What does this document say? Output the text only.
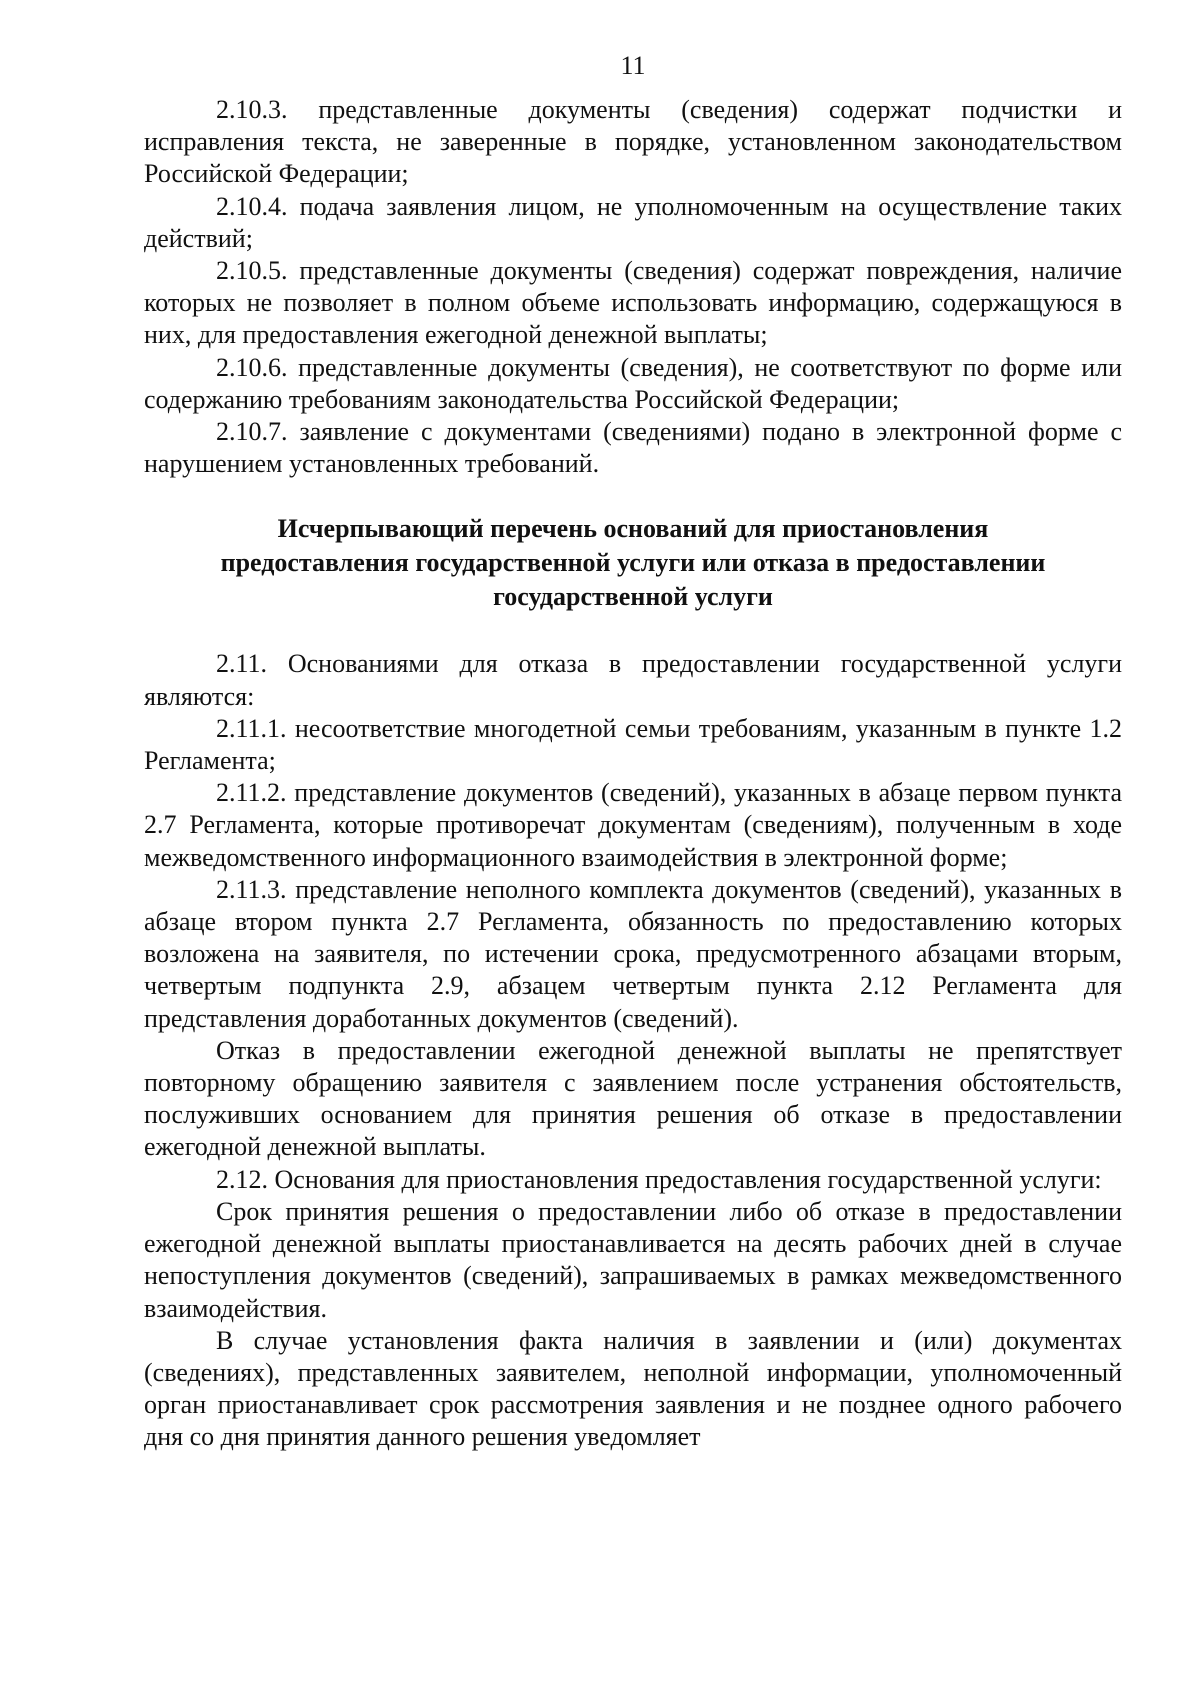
11

2.10.3. представленные документы (сведения) содержат подчистки и исправления текста, не заверенные в порядке, установленном законодательством Российской Федерации;

2.10.4. подача заявления лицом, не уполномоченным на осуществление таких действий;

2.10.5. представленные документы (сведения) содержат повреждения, наличие которых не позволяет в полном объеме использовать информацию, содержащуюся в них, для предоставления ежегодной денежной выплаты;

2.10.6. представленные документы (сведения), не соответствуют по форме или содержанию требованиям законодательства Российской Федерации;

2.10.7. заявление с документами (сведениями) подано в электронной форме с нарушением установленных требований.

Исчерпывающий перечень оснований для приостановления
предоставления государственной услуги или отказа в предоставлении
государственной услуги

2.11. Основаниями для отказа в предоставлении государственной услуги являются:

2.11.1. несоответствие многодетной семьи требованиям, указанным в пункте 1.2 Регламента;

2.11.2. представление документов (сведений), указанных в абзаце первом пункта 2.7 Регламента, которые противоречат документам (сведениям), полученным в ходе межведомственного информационного взаимодействия в электронной форме;

2.11.3. представление неполного комплекта документов (сведений), указанных в абзаце втором пункта 2.7 Регламента, обязанность по предоставлению которых возложена на заявителя, по истечении срока, предусмотренного абзацами вторым, четвертым подпункта 2.9, абзацем четвертым пункта 2.12 Регламента для представления доработанных документов (сведений).

Отказ в предоставлении ежегодной денежной выплаты не препятствует повторному обращению заявителя с заявлением после устранения обстоятельств, послуживших основанием для принятия решения об отказе в предоставлении ежегодной денежной выплаты.

2.12. Основания для приостановления предоставления государственной услуги:

Срок принятия решения о предоставлении либо об отказе в предоставлении ежегодной денежной выплаты приостанавливается на десять рабочих дней в случае непоступления документов (сведений), запрашиваемых в рамках межведомственного взаимодействия.

В случае установления факта наличия в заявлении и (или) документах (сведениях), представленных заявителем, неполной информации, уполномоченный орган приостанавливает срок рассмотрения заявления и не позднее одного рабочего дня со дня принятия данного решения уведомляет
